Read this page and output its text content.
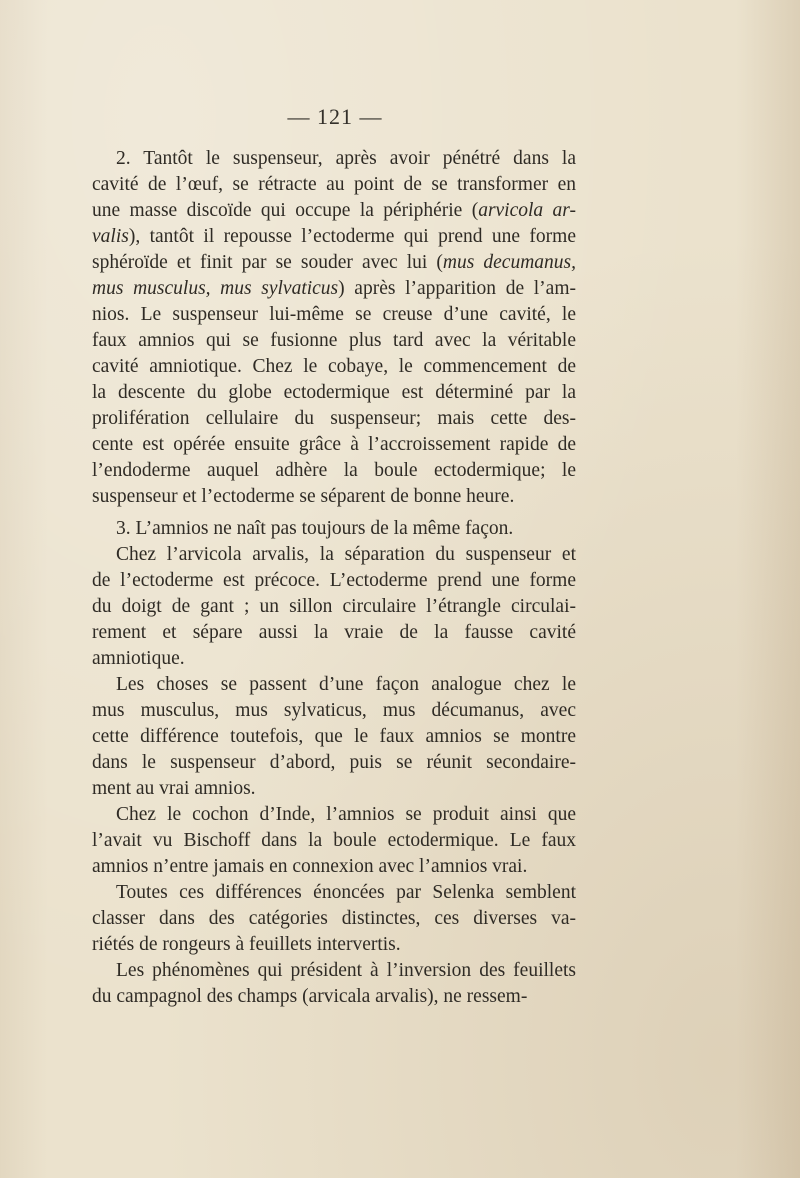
— 121 —
2. Tantôt le suspenseur, après avoir pénétré dans la
cavité de l’œuf, se rétracte au point de se transformer en
une masse discoïde qui occupe la périphérie (arvicola ar-
valis), tantôt il repousse l’ectoderme qui prend une forme
sphéroïde et finit par se souder avec lui (mus decumanus,
mus musculus, mus sylvaticus) après l’apparition de l’am-
nios. Le suspenseur lui-même se creuse d’une cavité, le
faux amnios qui se fusionne plus tard avec la véritable
cavité amniotique. Chez le cobaye, le commencement de
la descente du globe ectodermique est déterminé par la
prolifération cellulaire du suspenseur; mais cette des-
cente est opérée ensuite grâce à l’accroissement rapide de
l’endoderme auquel adhère la boule ectodermique; le
suspenseur et l’ectoderme se séparent de bonne heure.
3. L’amnios ne naît pas toujours de la même façon.
Chez l’arvicola arvalis, la séparation du suspenseur et
de l’ectoderme est précoce. L’ectoderme prend une forme
du doigt de gant ; un sillon circulaire l’étrangle circulai-
rement et sépare aussi la vraie de la fausse cavité
amniotique.
Les choses se passent d’une façon analogue chez le
mus musculus, mus sylvaticus, mus décumanus, avec
cette différence toutefois, que le faux amnios se montre
dans le suspenseur d’abord, puis se réunit secondaire-
ment au vrai amnios.
Chez le cochon d’Inde, l’amnios se produit ainsi que
l’avait vu Bischoff dans la boule ectodermique. Le faux
amnios n’entre jamais en connexion avec l’amnios vrai.
Toutes ces différences énoncées par Selenka semblent
classer dans des catégories distinctes, ces diverses va-
riétés de rongeurs à feuillets intervertis.
Les phénomènes qui président à l’inversion des feuillets
du campagnol des champs (arvicala arvalis), ne ressem-
